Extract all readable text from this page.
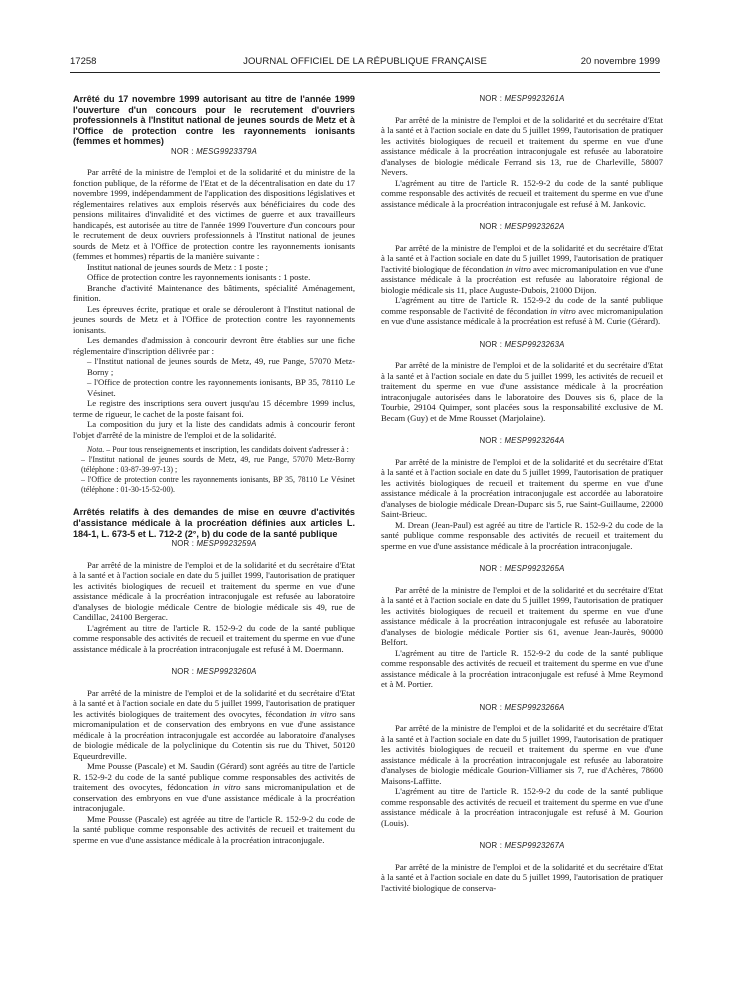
17258	JOURNAL OFFICIEL DE LA RÉPUBLIQUE FRANÇAISE	20 novembre 1999

Arrêté du 17 novembre 1999 autorisant au titre de l'année 1999 l'ouverture d'un concours pour le recrutement d'ouvriers professionnels à l'Institut national de jeunes sourds de Metz et à l'Office de protection contre les rayonnements ionisants (femmes et hommes)

NOR : MESG9923379A

Par arrêté de la ministre de l'emploi et de la solidarité et du ministre de la fonction publique, de la réforme de l'Etat et de la décentralisation en date du 17 novembre 1999, indépendamment de l'application des dispositions législatives et réglementaires relatives aux emplois réservés aux bénéficiaires du code des pensions militaires d'invalidité et des victimes de guerre et aux travailleurs handicapés, est autorisée au titre de l'année 1999 l'ouverture d'un concours pour le recrutement de deux ouvriers professionnels à l'Institut national de jeunes sourds de Metz et à l'Office de protection contre les rayonnements ionisants (femmes et hommes) répartis de la manière suivante :

Institut national de jeunes sourds de Metz : 1 poste ;

Office de protection contre les rayonnements ionisants : 1 poste.

Branche d'activité Maintenance des bâtiments, spécialité Aménagement, finition.

Les épreuves écrite, pratique et orale se dérouleront à l'Institut national de jeunes sourds de Metz et à l'Office de protection contre les rayonnements ionisants.

Les demandes d'admission à concourir devront être établies sur une fiche réglementaire d'inscription délivrée par :

– l'Institut national de jeunes sourds de Metz, 49, rue Pange, 57070 Metz-Borny ;

– l'Office de protection contre les rayonnements ionisants, BP 35, 78110 Le Vésinet.

Le registre des inscriptions sera ouvert jusqu'au 15 décembre 1999 inclus, terme de rigueur, le cachet de la poste faisant foi.

La composition du jury et la liste des candidats admis à concourir feront l'objet d'arrêté de la ministre de l'emploi et de la solidarité.

Nota. – Pour tous renseignements et inscription, les candidats doivent s'adresser à :

– l'Institut national de jeunes sourds de Metz, 49, rue Pange, 57070 Metz-Borny (téléphone : 03-87-39-97-13) ;

– l'Office de protection contre les rayonnements ionisants, BP 35, 78110 Le Vésinet (téléphone : 01-30-15-52-00).

Arrêtés relatifs à des demandes de mise en œuvre d'activités d'assistance médicale à la procréation définies aux articles L. 184-1, L. 673-5 et L. 712-2 (2°, b) du code de la santé publique

NOR : MESP9923259A

Par arrêté de la ministre de l'emploi et de la solidarité et du secrétaire d'Etat à la santé et à l'action sociale en date du 5 juillet 1999, l'autorisation de pratiquer les activités biologiques de recueil et traitement du sperme en vue d'une assistance médicale à la procréation intraconjugale est refusée au laboratoire d'analyses de biologie médicale Centre de biologie médicale sis 49, rue de Candillac, 24100 Bergerac.

L'agrément au titre de l'article R. 152-9-2 du code de la santé publique comme responsable des activités de recueil et traitement du sperme en vue d'une assistance médicale à la procréation intraconjugale est refusé à M. Doermann.

NOR : MESP9923260A

Par arrêté de la ministre de l'emploi et de la solidarité et du secrétaire d'Etat à la santé et à l'action sociale en date du 5 juillet 1999, l'autorisation de pratiquer les activités biologiques de traitement des ovocytes, fécondation in vitro sans micromanipulation et de conservation des embryons en vue d'une assistance médicale à la procréation intraconjugale est accordée au laboratoire d'analyses de biologie médicale de la polyclinique du Cotentin sis rue du Thivet, 50120 Equeurdreville.

Mme Pousse (Pascale) et M. Saudin (Gérard) sont agréés au titre de l'article R. 152-9-2 du code de la santé publique comme responsables des activités de traitement des ovocytes, fédoncation in vitro sans micromanipulation et de conservation des embryons en vue d'une assistance médicale à la procréation intraconjugale.

Mme Pousse (Pascale) est agréée au titre de l'article R. 152-9-2 du code de la santé publique comme responsable des activités de recueil et traitement du sperme en vue d'une assistance médicale à la procréation intraconjugale.

NOR : MESP9923261A

Par arrêté de la ministre de l'emploi et de la solidarité et du secrétaire d'Etat à la santé et à l'action sociale en date du 5 juillet 1999, l'autorisation de pratiquer les activités biologiques de recueil et traitement du sperme en vue d'une assistance médicale à la procréation intraconjugale est refusée au laboratoire d'analyses de biologie médicale Ferrand sis 13, rue de Charleville, 58007 Nevers.

L'agrément au titre de l'article R. 152-9-2 du code de la santé publique comme responsable des activités de recueil et traitement du sperme en vue d'une assistance médicale à la procréation intraconjugale est refusé à M. Jankovic.

NOR : MESP9923262A

Par arrêté de la ministre de l'emploi et de la solidarité et du secrétaire d'Etat à la santé et à l'action sociale en date du 5 juillet 1999, l'autorisation de pratiquer l'activité biologique de fécondation in vitro avec micromanipulation en vue d'une assistance médicale à la procréation est refusée au laboratoire régional de biologie médicale sis 11, place Auguste-Dubois, 21000 Dijon.

L'agrément au titre de l'article R. 152-9-2 du code de la santé publique comme responsable de l'activité de fécondation in vitro avec micromanipulation en vue d'une assistance médicale à la procréation est refusé à M. Curie (Gérard).

NOR : MESP9923263A

Par arrêté de la ministre de l'emploi et de la solidarité et du secrétaire d'Etat à la santé et à l'action sociale en date du 5 juillet 1999, les activités de recueil et traitement du sperme en vue d'une assistance médicale à la procréation intraconjugale autorisées dans le laboratoire des Douves sis 6, place de la Tourbie, 29104 Quimper, sont placées sous la responsabilité exclusive de M. Becam (Guy) et de Mme Rousset (Marjolaine).

NOR : MESP9923264A

Par arrêté de la ministre de l'emploi et de la solidarité et du secrétaire d'Etat à la santé et à l'action sociale en date du 5 juillet 1999, l'autorisation de pratiquer les activités biologiques de recueil et traitement du sperme en vue d'une assistance médicale à la procréation intraconjugale est accordée au laboratoire d'analyses de biologie médicale Drean-Duparc sis 5, rue Saint-Guillaume, 22000 Saint-Brieuc.

M. Drean (Jean-Paul) est agréé au titre de l'article R. 152-9-2 du code de la santé publique comme responsable des activités de recueil et traitement du sperme en vue d'une assistance médicale à la procréation intraconjugale.

NOR : MESP9923265A

Par arrêté de la ministre de l'emploi et de la solidarité et du secrétaire d'Etat à la santé et à l'action sociale en date du 5 juillet 1999, l'autorisation de pratiquer les activités biologiques de recueil et traitement du sperme en vue d'une assistance médicale à la procréation intraconjugale est refusée au laboratoire d'analyses de biologie médicale Portier sis 61, avenue Jean-Jaurès, 90000 Belfort.

L'agrément au titre de l'article R. 152-9-2 du code de la santé publique comme responsable des activités de recueil et traitement du sperme en vue d'une assistance médicale à la procréation intraconjugale est refusé à Mme Reymond et à M. Portier.

NOR : MESP9923266A

Par arrêté de la ministre de l'emploi et de la solidarité et du secrétaire d'Etat à la santé et à l'action sociale en date du 5 juillet 1999, l'autorisation de pratiquer les activités biologiques de recueil et traitement du sperme en vue d'une assistance médicale à la procréation intraconjugale est refusée au laboratoire d'analyses de biologie médicale Gourion-Villiamer sis 7, rue d'Achères, 78600 Maisons-Laffitte.

L'agrément au titre de l'article R. 152-9-2 du code de la santé publique comme responsable des activités de recueil et traitement du sperme en vue d'une assistance médicale à la procréation intraconjugale est refusé à M. Gourion (Louis).

NOR : MESP9923267A

Par arrêté de la ministre de l'emploi et de la solidarité et du secrétaire d'Etat à la santé et à l'action sociale en date du 5 juillet 1999, l'autorisation de pratiquer l'activité biologique de conserva-
